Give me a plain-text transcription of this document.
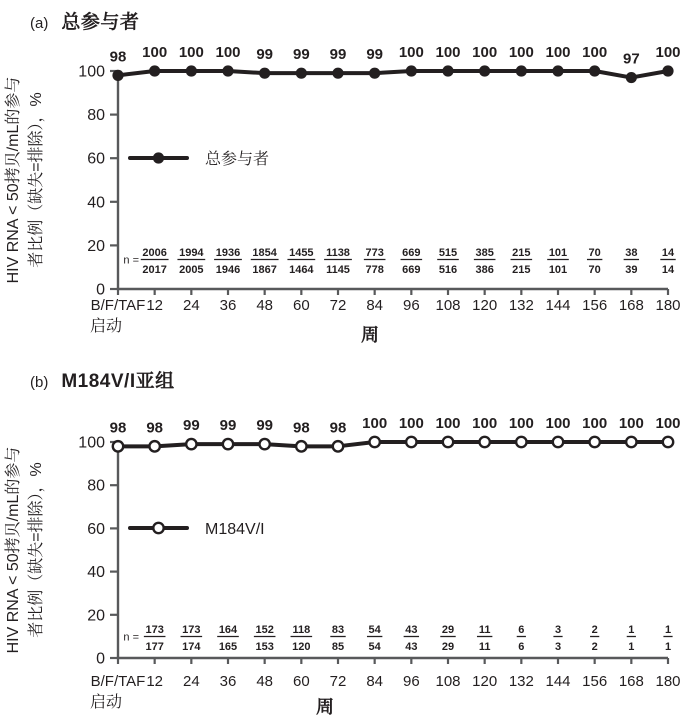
(a) 总参与者
(b) M184V/I亚组
HIV RNA < 50拷贝/mL的参与 者比例（缺失=排除），%
HIV RNA < 50拷贝/mL的参与 者比例（缺失=排除），%
0
20
40
60
80
100
B/F/TAF
启动
12 24 36 48 60 72 84 96 108 120 132 144 156 168 180
周
98 100 100 100 99 99 99 99 100 100 100 100 100 100 97 100
总参与者
n =
2006
2017
1994
2005
1936
1946
1854
1867
1455
1464
1138
1145
773
778
669
669
515
516
385
386
215
215
101
101
70
70
38
39
14
14
0
20
40
60
80
100
B/F/TAF
启动
12 24 36 48 60 72 84 96 108 120 132 144 156 168 180
周
98 98 99 99 99 98 98 100 100 100 100 100 100 100 100 100
M184V/I
n =
173
177
173
174
164
165
152
153
118
120
83
85
54
54
43
43
29
29
11
11
6
6
3
3
2
2
1
1
1
1
